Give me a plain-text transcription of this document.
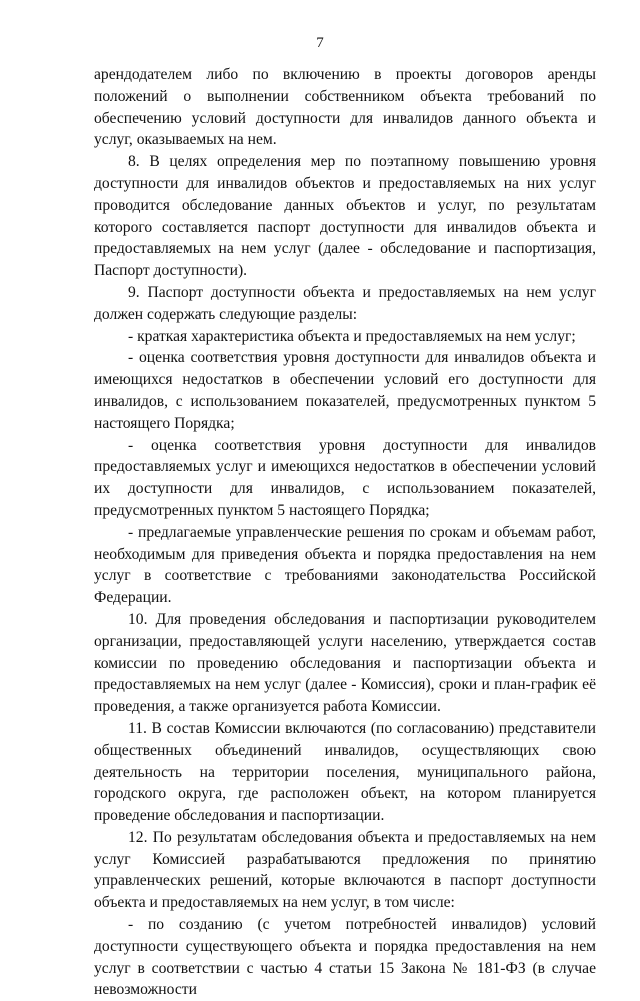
7

арендодателем либо по включению в проекты договоров аренды положений о выполнении собственником объекта требований по обеспечению условий доступности для инвалидов данного объекта и услуг, оказываемых на нем.

8. В целях определения мер по поэтапному повышению уровня доступности для инвалидов объектов и предоставляемых на них услуг проводится обследование данных объектов и услуг, по результатам которого составляется паспорт доступности для инвалидов объекта и предоставляемых на нем услуг (далее - обследование и паспортизация, Паспорт доступности).

9. Паспорт доступности объекта и предоставляемых на нем услуг должен содержать следующие разделы:

- краткая характеристика объекта и предоставляемых на нем услуг;

- оценка соответствия уровня доступности для инвалидов объекта и имеющихся недостатков в обеспечении условий его доступности для инвалидов, с использованием показателей, предусмотренных пунктом 5 настоящего Порядка;

- оценка соответствия уровня доступности для инвалидов предоставляемых услуг и имеющихся недостатков в обеспечении условий их доступности для инвалидов, с использованием показателей, предусмотренных пунктом 5 настоящего Порядка;

- предлагаемые управленческие решения по срокам и объемам работ, необходимым для приведения объекта и порядка предоставления на нем услуг в соответствие с требованиями законодательства Российской Федерации.

10. Для проведения обследования и паспортизации руководителем организации, предоставляющей услуги населению, утверждается состав комиссии по проведению обследования и паспортизации объекта и предоставляемых на нем услуг (далее - Комиссия), сроки и план-график её проведения, а также организуется работа Комиссии.

11. В состав Комиссии включаются (по согласованию) представители общественных объединений инвалидов, осуществляющих свою деятельность на территории поселения, муниципального района, городского округа, где расположен объект, на котором планируется проведение обследования и паспортизации.

12. По результатам обследования объекта и предоставляемых на нем услуг Комиссией разрабатываются предложения по принятию управленческих решений, которые включаются в паспорт доступности объекта и предоставляемых на нем услуг, в том числе:

- по созданию (с учетом потребностей инвалидов) условий доступности существующего объекта и порядка предоставления на нем услуг в соответствии с частью 4 статьи 15 Закона № 181-ФЗ (в случае невозможности
